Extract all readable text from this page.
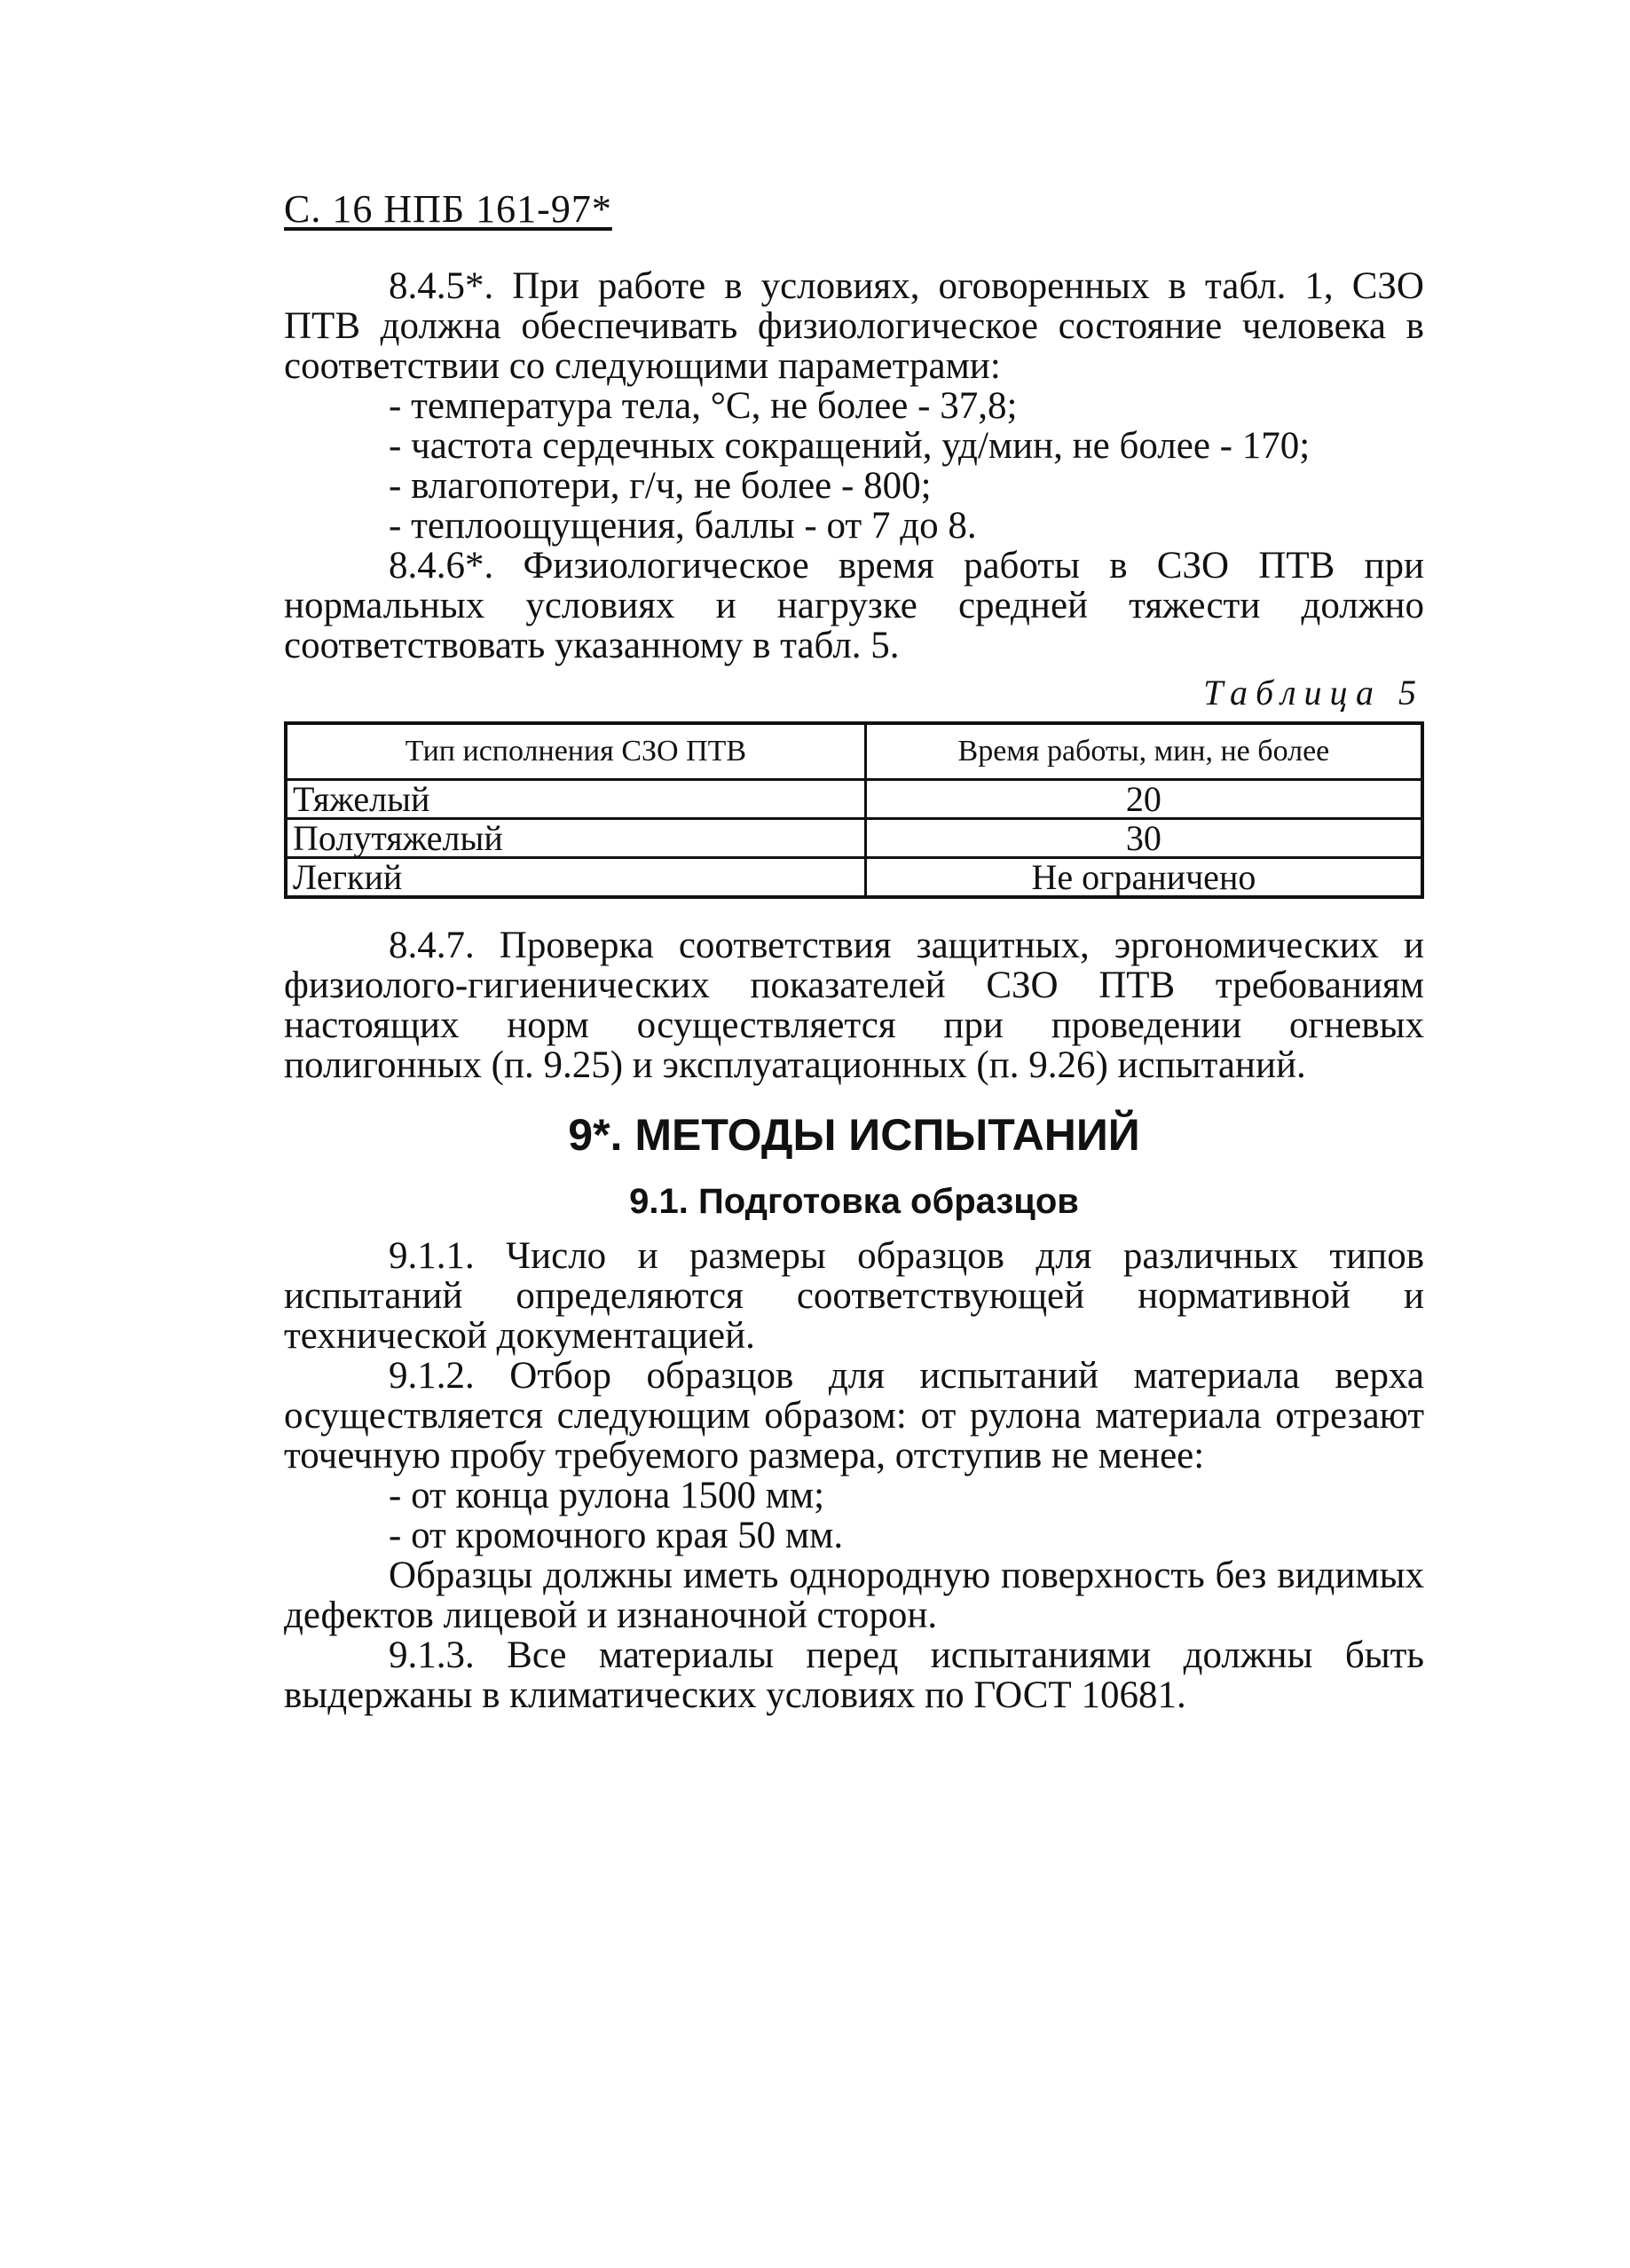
С. 16 НПБ 161-97*

8.4.5*. При работе в условиях, оговоренных в табл. 1, СЗО ПТВ должна обеспечивать физиологическое состояние человека в соответствии со следующими параметрами:

- температура тела, °С, не более - 37,8;

- частота сердечных сокращений, уд/мин, не более - 170;

- влагопотери, г/ч, не более - 800;

- теплоощущения, баллы - от 7 до 8.

8.4.6*. Физиологическое время работы в СЗО ПТВ при нормальных условиях и нагрузке средней тяжести должно соответствовать указанному в табл. 5.

Таблица 5
Тип исполнения СЗО ПТВ	Время работы, мин, не более
Тяжелый	20
Полутяжелый	30
Легкий	Не ограничено

8.4.7. Проверка соответствия защитных, эргономических и физиолого-гигиенических показателей СЗО ПТВ требованиям настоящих норм осуществляется при проведении огневых полигонных (п. 9.25) и эксплуатационных (п. 9.26) испытаний.

9*. МЕТОДЫ ИСПЫТАНИЙ
9.1. Подготовка образцов

9.1.1. Число и размеры образцов для различных типов испытаний определяются соответствующей нормативной и технической документацией.

9.1.2. Отбор образцов для испытаний материала верха осуществляется следующим образом: от рулона материала отрезают точечную пробу требуемого размера, отступив не менее:

- от конца рулона 1500 мм;

- от кромочного края 50 мм.

Образцы должны иметь однородную поверхность без видимых дефектов лицевой и изнаночной сторон.

9.1.3. Все материалы перед испытаниями должны быть выдержаны в климатических условиях по ГОСТ 10681.
